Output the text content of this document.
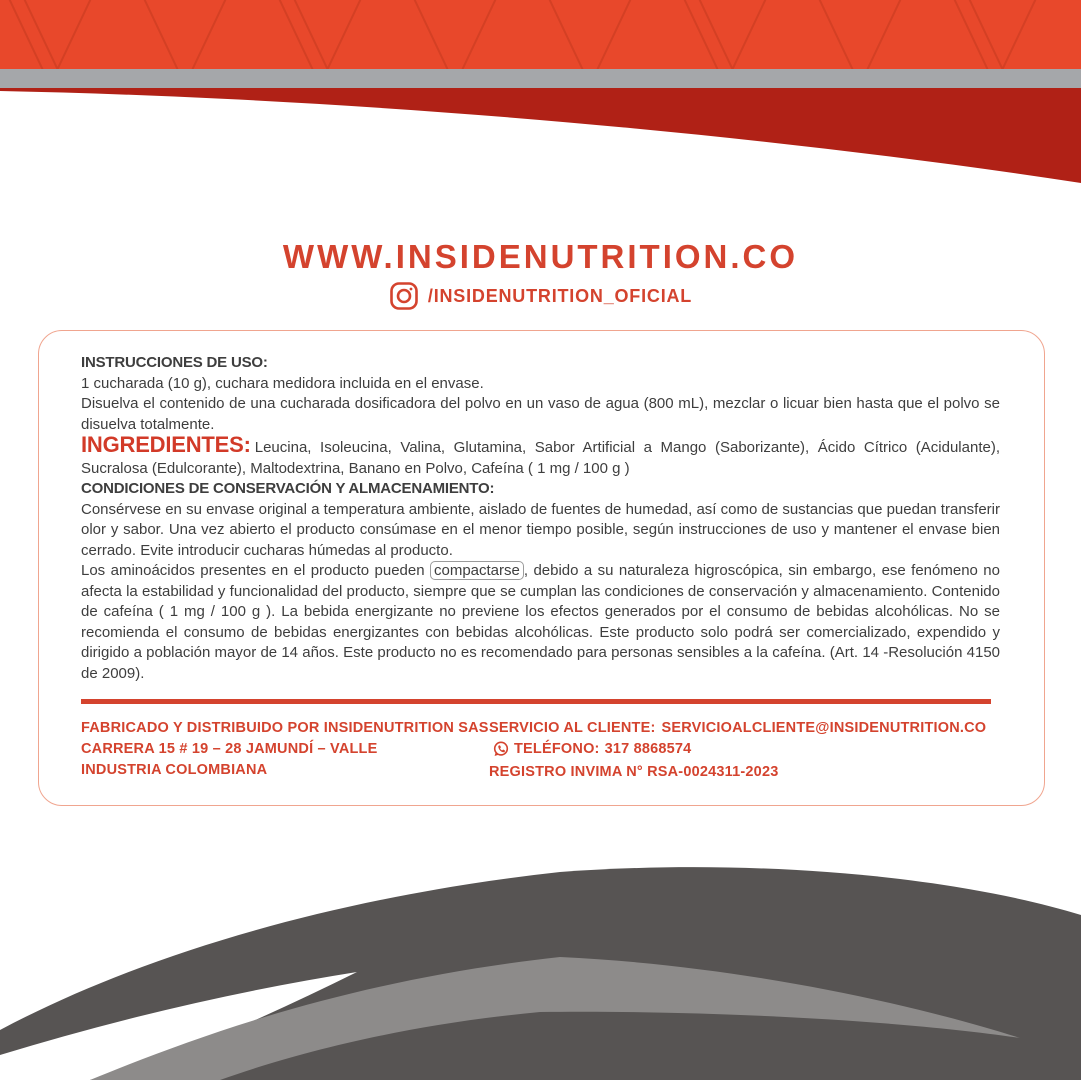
WWW.INSIDENUTRITION.CO
/INSIDENUTRITION_OFICIAL

INSTRUCCIONES DE USO:

1 cucharada (10 g), cuchara medidora incluida en el envase.

Disuelva el contenido de una cucharada dosificadora del polvo en un vaso de agua (800 mL), mezclar o licuar bien hasta que el polvo se disuelva totalmente.

INGREDIENTES: Leucina, Isoleucina, Valina, Glutamina, Sabor Artificial a Mango (Saborizante), Ácido Cítrico (Acidulante), Sucralosa (Edulcorante), Maltodextrina, Banano en Polvo, Cafeína ( 1 mg / 100 g )

CONDICIONES DE CONSERVACIÓN Y ALMACENAMIENTO:

Consérvese en su envase original a temperatura ambiente, aislado de fuentes de humedad, así como de sustancias que puedan transferir olor y sabor. Una vez abierto el producto consúmase en el menor tiempo posible, según instrucciones de uso y mantener el envase bien cerrado. Evite introducir cucharas húmedas al producto.

Los aminoácidos presentes en el producto pueden compactarse , debido a su naturaleza higroscópica, sin embargo, ese fenómeno no afecta la estabilidad y funcionalidad del producto, siempre que se cumplan las condiciones de conservación y almacenamiento. Contenido de cafeína ( 1 mg / 100 g ). La bebida energizante no previene los efectos generados por el consumo de bebidas alcohólicas. No se recomienda el consumo de bebidas energizantes con bebidas alcohólicas. Este producto solo podrá ser comercializado, expendido y dirigido a población mayor de 14 años. Este producto no es recomendado para personas sensibles a la cafeína. (Art. 14 -Resolución 4150 de 2009).

FABRICADO Y DISTRIBUIDO POR INSIDENUTRITION SAS
CARRERA 15 # 19 – 28 JAMUNDÍ – VALLE
INDUSTRIA COLOMBIANA
SERVICIO AL CLIENTE: SERVICIOALCLIENTE@INSIDENUTRITION.CO
TELÉFONO: 317 8868574
REGISTRO INVIMA N° RSA-0024311-2023
